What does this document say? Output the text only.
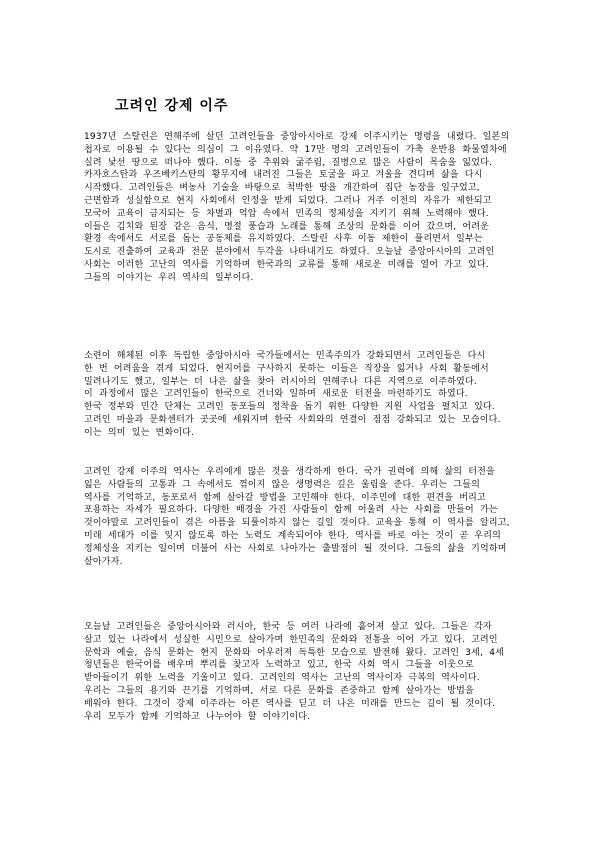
고려인 강제 이주
1937년 스탈린은 연해주에 살던 고려인들을 중앙아시아로 강제 이주시키는 명령을 내렸다. 일본의
첩자로 이용될 수 있다는 의심이 그 이유였다. 약 17만 명의 고려인들이 가축 운반용 화물열차에
실려 낯선 땅으로 떠나야 했다. 이동 중 추위와 굶주림, 질병으로 많은 사람이 목숨을 잃었다.
카자흐스탄과 우즈베키스탄의 황무지에 내려진 그들은 토굴을 파고 겨울을 견디며 삶을 다시
시작했다. 고려인들은 벼농사 기술을 바탕으로 척박한 땅을 개간하여 집단 농장을 일구었고,
근면함과 성실함으로 현지 사회에서 인정을 받게 되었다. 그러나 거주 이전의 자유가 제한되고
모국어 교육이 금지되는 등 차별과 억압 속에서 민족의 정체성을 지키기 위해 노력해야 했다.
이들은 김치와 된장 같은 음식, 명절 풍습과 노래를 통해 조상의 문화를 이어 갔으며, 어려운
환경 속에서도 서로를 돕는 공동체를 유지하였다. 스탈린 사후 이동 제한이 풀리면서 일부는
도시로 진출하여 교육과 전문 분야에서 두각을 나타내기도 하였다. 오늘날 중앙아시아의 고려인
사회는 이러한 고난의 역사를 기억하며 한국과의 교류를 통해 새로운 미래를 열어 가고 있다.
그들의 이야기는 우리 역사의 일부이다.
소련이 해체된 이후 독립한 중앙아시아 국가들에서는 민족주의가 강화되면서 고려인들은 다시
한 번 어려움을 겪게 되었다. 현지어를 구사하지 못하는 이들은 직장을 잃거나 사회 활동에서
밀려나기도 했고, 일부는 더 나은 삶을 찾아 러시아의 연해주나 다른 지역으로 이주하였다.
이 과정에서 많은 고려인들이 한국으로 건너와 일하며 새로운 터전을 마련하기도 하였다.
한국 정부와 민간 단체는 고려인 동포들의 정착을 돕기 위한 다양한 지원 사업을 펼치고 있다.
고려인 마을과 문화센터가 곳곳에 세워지며 한국 사회와의 연결이 점점 강화되고 있는 모습이다.
이는 의미 있는 변화이다.
고려인 강제 이주의 역사는 우리에게 많은 것을 생각하게 한다. 국가 권력에 의해 삶의 터전을
잃은 사람들의 고통과 그 속에서도 꺾이지 않은 생명력은 깊은 울림을 준다. 우리는 그들의
역사를 기억하고, 동포로서 함께 살아갈 방법을 고민해야 한다. 이주민에 대한 편견을 버리고
포용하는 자세가 필요하다. 다양한 배경을 가진 사람들이 함께 어울려 사는 사회를 만들어 가는
것이야말로 고려인들이 겪은 아픔을 되풀이하지 않는 길일 것이다. 교육을 통해 이 역사를 알리고,
미래 세대가 이를 잊지 않도록 하는 노력도 계속되어야 한다. 역사를 바로 아는 것이 곧 우리의
정체성을 지키는 일이며 더불어 사는 사회로 나아가는 출발점이 될 것이다. 그들의 삶을 기억하며
살아가자.
오늘날 고려인들은 중앙아시아와 러시아, 한국 등 여러 나라에 흩어져 살고 있다. 그들은 각자
살고 있는 나라에서 성실한 시민으로 살아가며 한민족의 문화와 전통을 이어 가고 있다. 고려인
문학과 예술, 음식 문화는 현지 문화와 어우러져 독특한 모습으로 발전해 왔다. 고려인 3세, 4세
청년들은 한국어를 배우며 뿌리를 찾고자 노력하고 있고, 한국 사회 역시 그들을 이웃으로
받아들이기 위한 노력을 기울이고 있다. 고려인의 역사는 고난의 역사이자 극복의 역사이다.
우리는 그들의 용기와 끈기를 기억하며, 서로 다른 문화를 존중하고 함께 살아가는 방법을
배워야 한다. 그것이 강제 이주라는 아픈 역사를 딛고 더 나은 미래를 만드는 길이 될 것이다.
우리 모두가 함께 기억하고 나누어야 할 이야기이다.
